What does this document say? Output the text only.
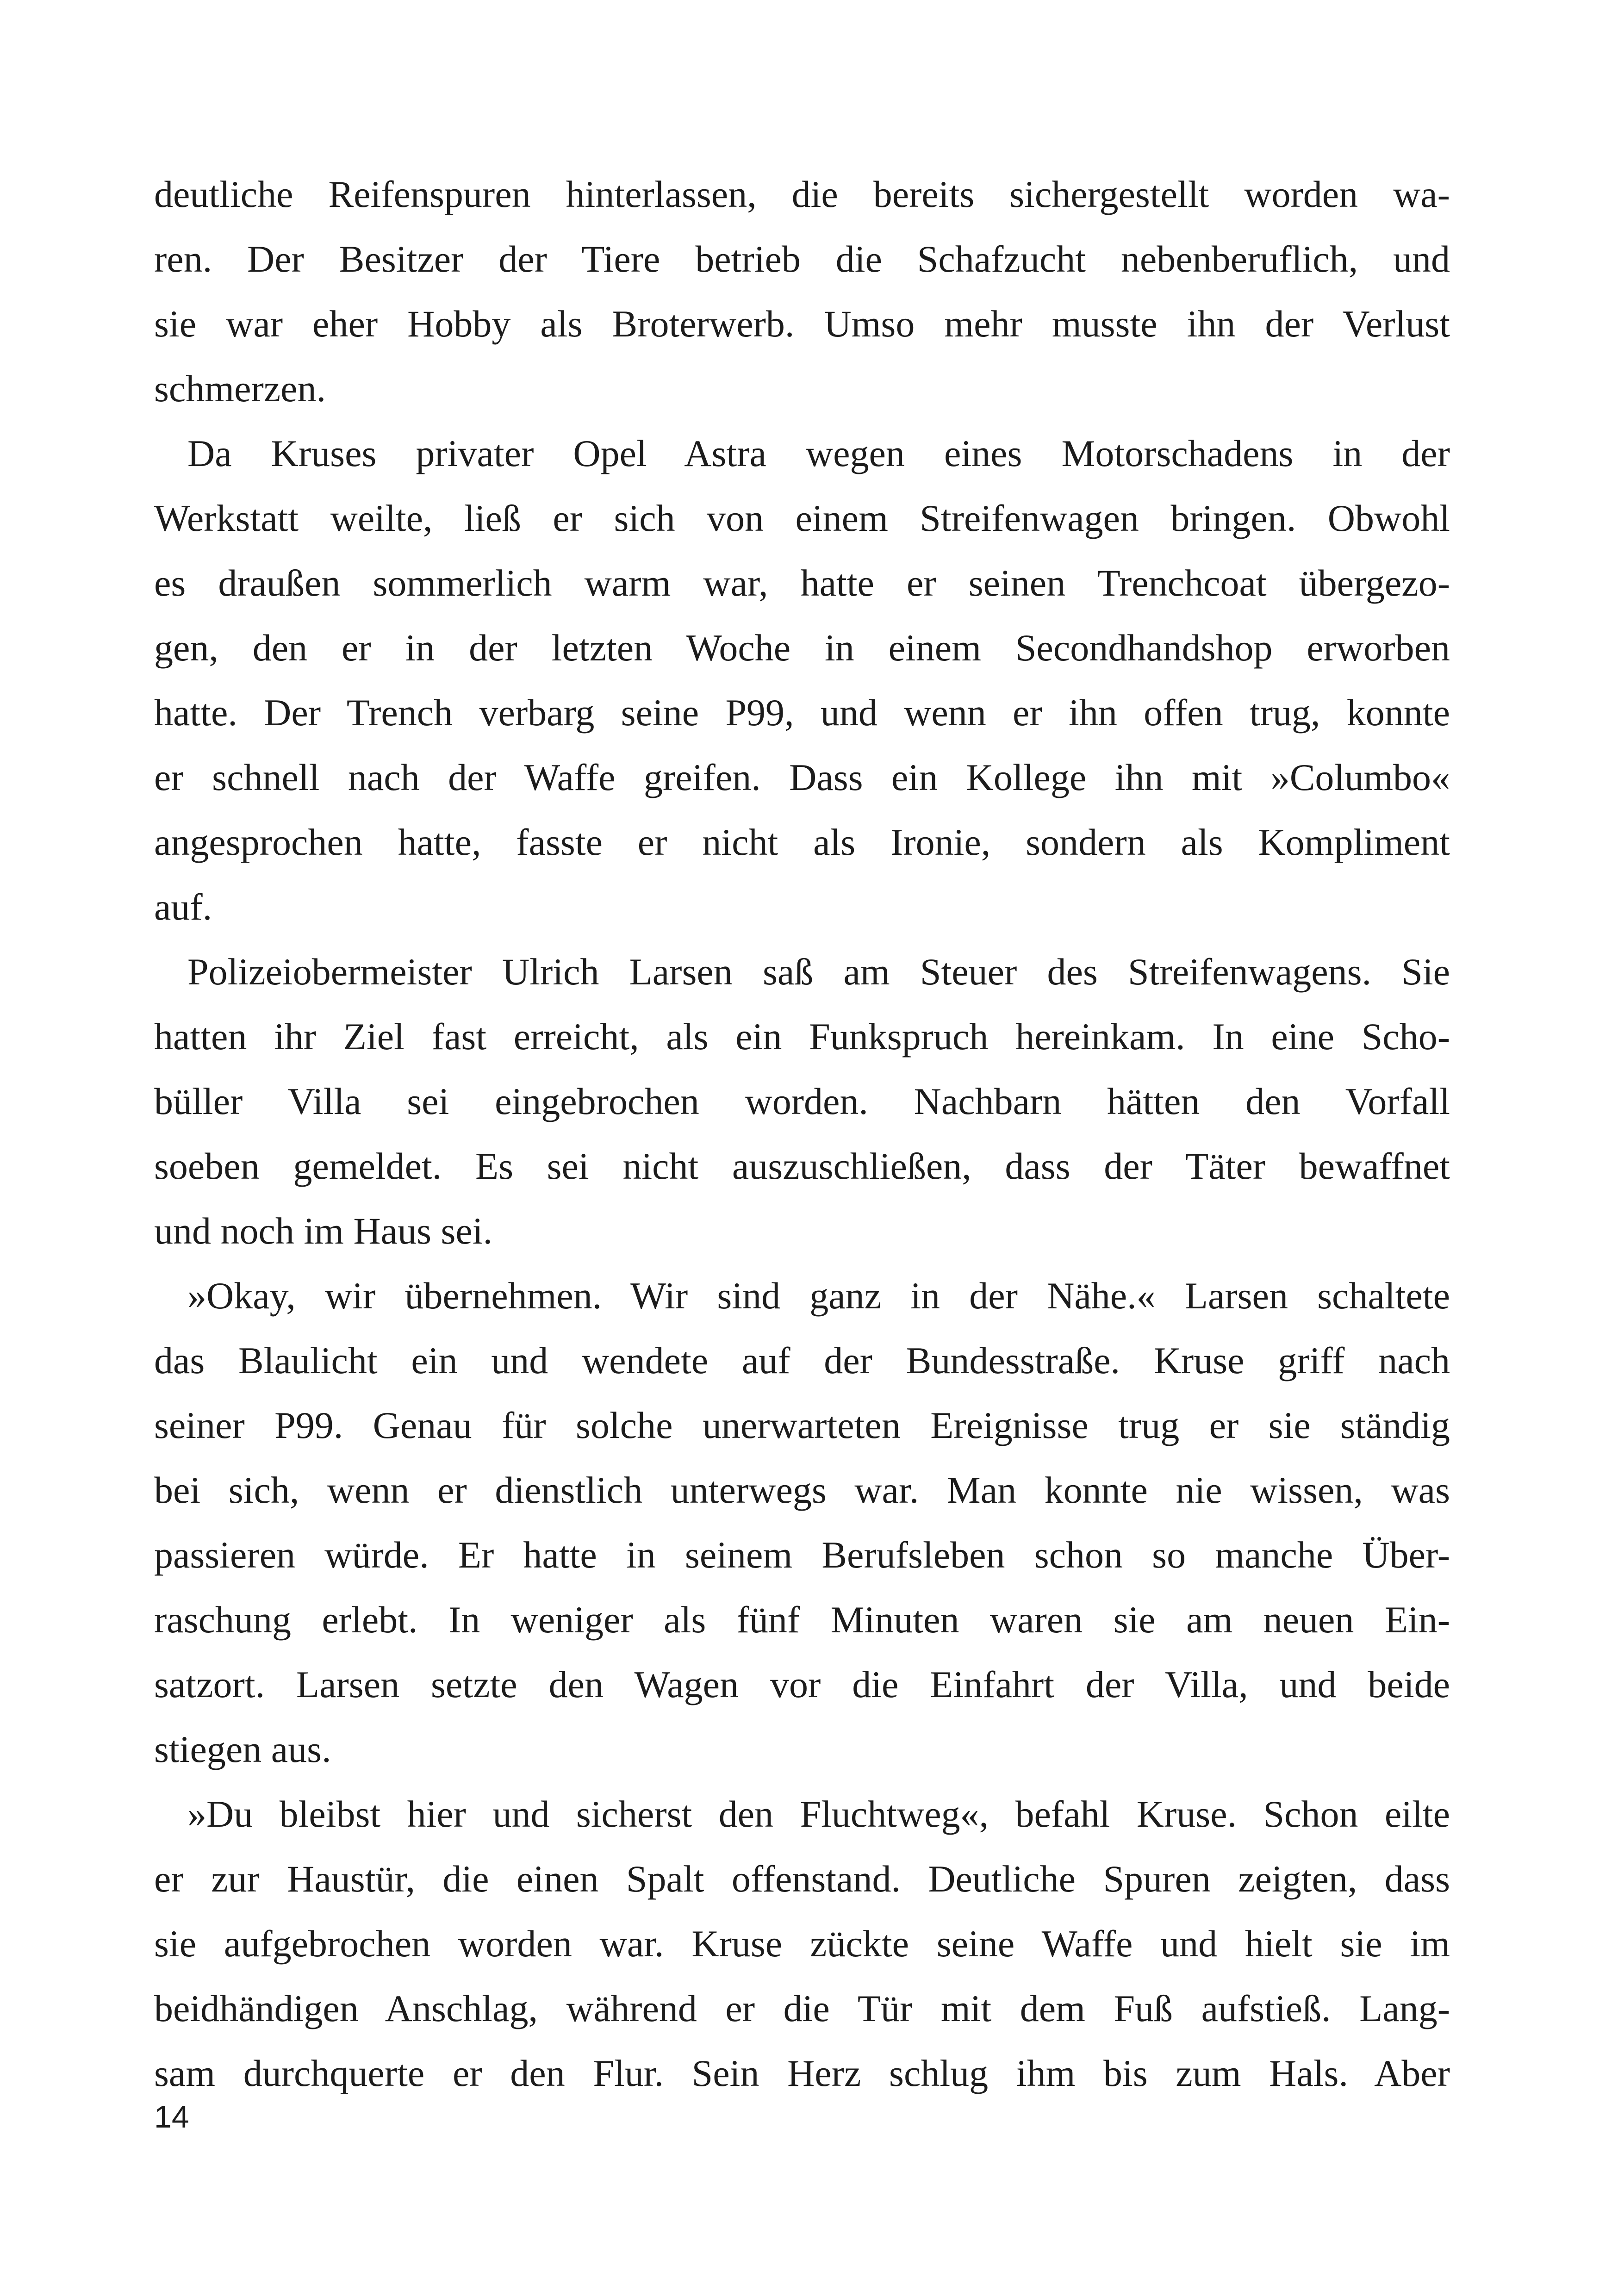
deutliche Reifenspuren hinterlassen, die bereits sichergestellt worden wa-
ren. Der Besitzer der Tiere betrieb die Schafzucht nebenberuflich, und
sie war eher Hobby als Broterwerb. Umso mehr musste ihn der Verlust
schmerzen.
Da Kruses privater Opel Astra wegen eines Motorschadens in der
Werkstatt weilte, ließ er sich von einem Streifenwagen bringen. Obwohl
es draußen sommerlich warm war, hatte er seinen Trenchcoat übergezo-
gen, den er in der letzten Woche in einem Secondhandshop erworben
hatte. Der Trench verbarg seine P99, und wenn er ihn offen trug, konnte
er schnell nach der Waffe greifen. Dass ein Kollege ihn mit »Columbo«
angesprochen hatte, fasste er nicht als Ironie, sondern als Kompliment
auf.
Polizeiobermeister Ulrich Larsen saß am Steuer des Streifenwagens. Sie
hatten ihr Ziel fast erreicht, als ein Funkspruch hereinkam. In eine Scho-
büller Villa sei eingebrochen worden. Nachbarn hätten den Vorfall
soeben gemeldet. Es sei nicht auszuschließen, dass der Täter bewaffnet
und noch im Haus sei.
»Okay, wir übernehmen. Wir sind ganz in der Nähe.« Larsen schaltete
das Blaulicht ein und wendete auf der Bundesstraße. Kruse griff nach
seiner P99. Genau für solche unerwarteten Ereignisse trug er sie ständig
bei sich, wenn er dienstlich unterwegs war. Man konnte nie wissen, was
passieren würde. Er hatte in seinem Berufsleben schon so manche Über-
raschung erlebt. In weniger als fünf Minuten waren sie am neuen Ein-
satzort. Larsen setzte den Wagen vor die Einfahrt der Villa, und beide
stiegen aus.
»Du bleibst hier und sicherst den Fluchtweg«, befahl Kruse. Schon eilte
er zur Haustür, die einen Spalt offenstand. Deutliche Spuren zeigten, dass
sie aufgebrochen worden war. Kruse zückte seine Waffe und hielt sie im
beidhändigen Anschlag, während er die Tür mit dem Fuß aufstieß. Lang-
sam durchquerte er den Flur. Sein Herz schlug ihm bis zum Hals. Aber
14
